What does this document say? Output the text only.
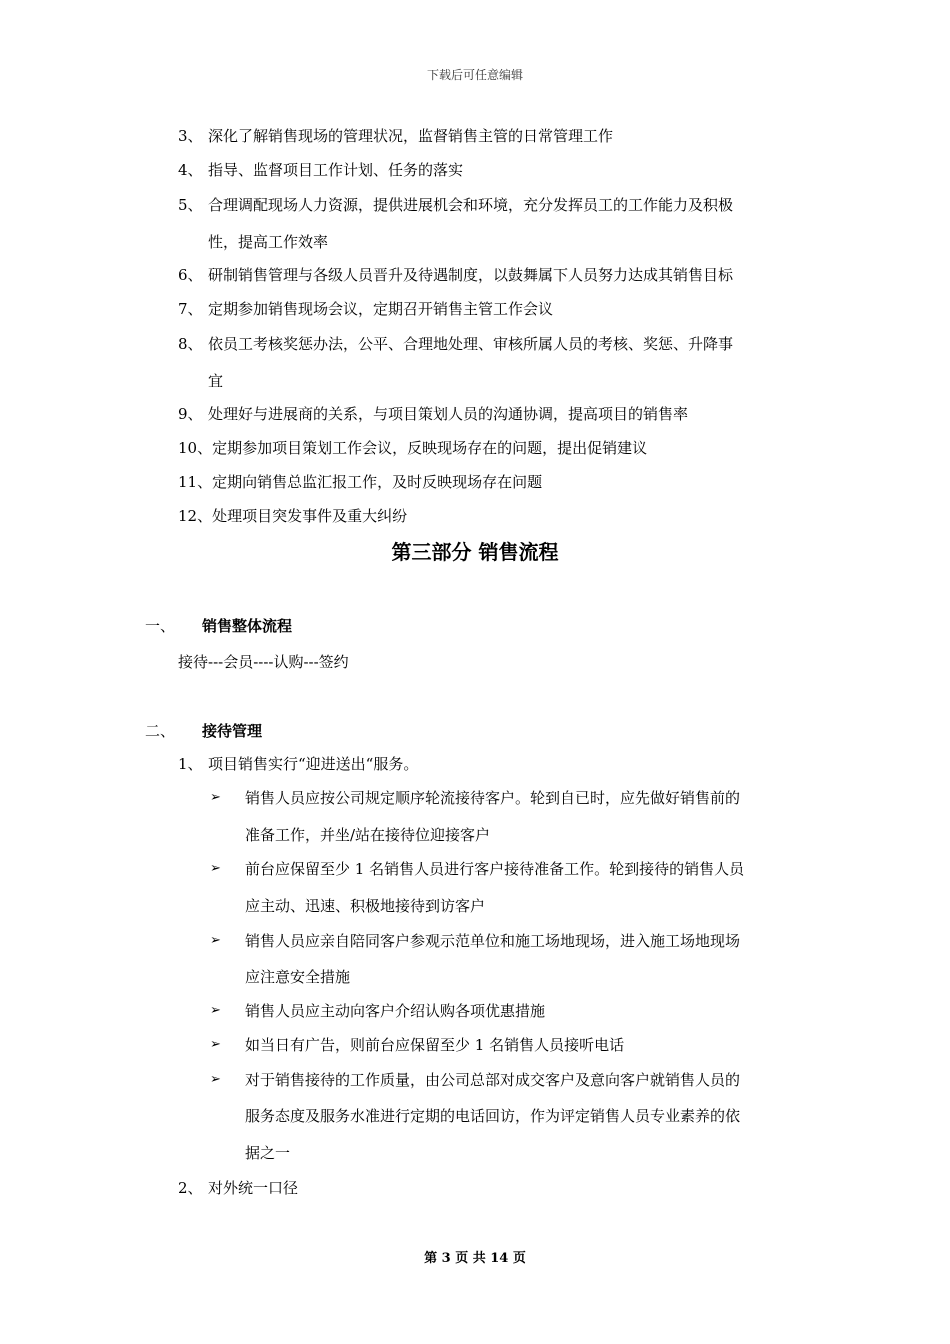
下载后可任意编辑
3、 深化了解销售现场的管理状况，监督销售主管的日常管理工作
4、 指导、监督项目工作计划、任务的落实
5、 合理调配现场人力资源，提供进展机会和环境，充分发挥员工的工作能力及积极
性，提高工作效率
6、 研制销售管理与各级人员晋升及待遇制度，以鼓舞属下人员努力达成其销售目标
7、 定期参加销售现场会议，定期召开销售主管工作会议
8、 依员工考核奖惩办法，公平、合理地处理、审核所属人员的考核、奖惩、升降事
宜
9、 处理好与进展商的关系，与项目策划人员的沟通协调，提高项目的销售率
10、定期参加项目策划工作会议，反映现场存在的问题，提出促销建议
11、定期向销售总监汇报工作，及时反映现场存在问题
12、处理项目突发事件及重大纠纷
第三部分 销售流程
一、 销售整体流程
接待---会员----认购---签约
二、 接待管理
1、 项目销售实行“迎进送出“服务。
➢ 销售人员应按公司规定顺序轮流接待客户。轮到自已时，应先做好销售前的
准备工作，并坐/站在接待位迎接客户
➢ 前台应保留至少 1 名销售人员进行客户接待准备工作。轮到接待的销售人员
应主动、迅速、积极地接待到访客户
➢ 销售人员应亲自陪同客户参观示范单位和施工场地现场，进入施工场地现场
应注意安全措施
➢ 销售人员应主动向客户介绍认购各项优惠措施
➢ 如当日有广告，则前台应保留至少 1 名销售人员接听电话
➢ 对于销售接待的工作质量，由公司总部对成交客户及意向客户就销售人员的
服务态度及服务水准进行定期的电话回访，作为评定销售人员专业素养的依
据之一
2、 对外统一口径
第 3 页 共 14 页
